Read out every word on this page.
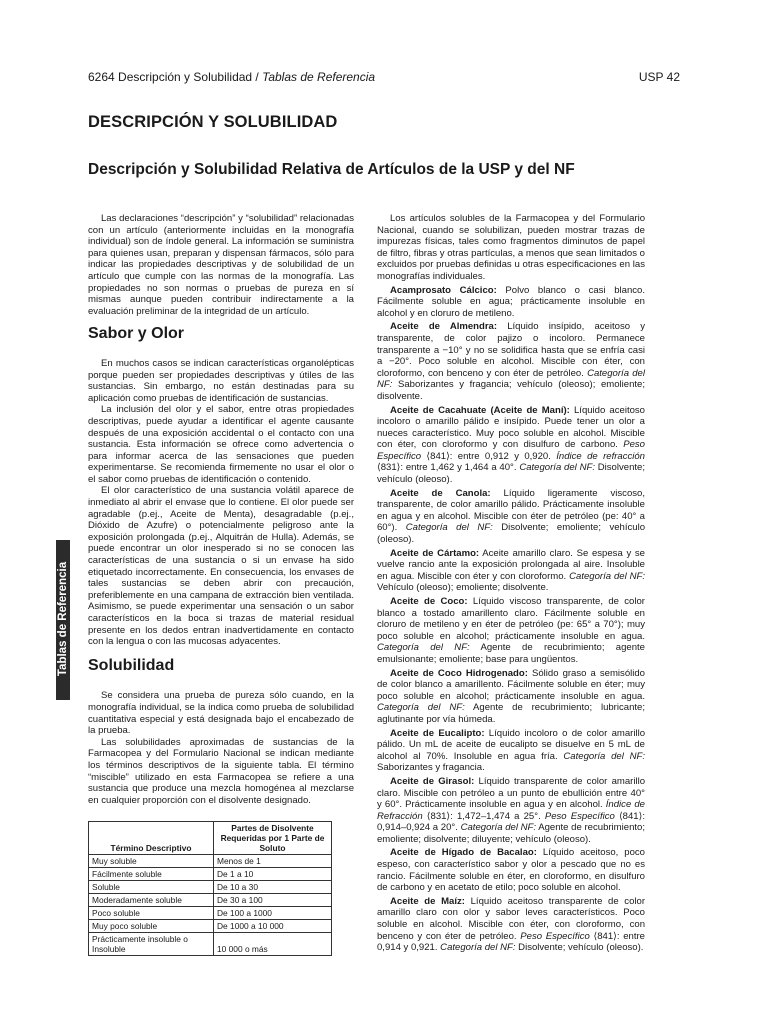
6264 Descripción y Solubilidad / Tablas de Referencia	USP 42
DESCRIPCIÓN Y SOLUBILIDAD
Descripción y Solubilidad Relativa de Artículos de la USP y del NF
Tablas de Referencia

Las declaraciones “descripción” y “solubilidad” relacionadas con un artículo (anteriormente incluidas en la monografía individual) son de índole general. La información se suministra para quienes usan, preparan y dispensan fármacos, sólo para indicar las propiedades descriptivas y de solubilidad de un artículo que cumple con las normas de la monografía. Las propiedades no son normas o pruebas de pureza en sí mismas aunque pueden contribuir indirectamente a la evaluación preliminar de la integridad de un artículo.

Sabor y Olor

En muchos casos se indican características organolépticas porque pueden ser propiedades descriptivas y útiles de las sustancias. Sin embargo, no están destinadas para su aplicación como pruebas de identificación de sustancias.

La inclusión del olor y el sabor, entre otras propiedades descriptivas, puede ayudar a identificar el agente causante después de una exposición accidental o el contacto con una sustancia. Esta información se ofrece como advertencia o para informar acerca de las sensaciones que pueden experimentarse. Se recomienda firmemente no usar el olor o el sabor como pruebas de identificación o contenido.

El olor característico de una sustancia volátil aparece de inmediato al abrir el envase que lo contiene. El olor puede ser agradable (p.ej., Aceite de Menta), desagradable (p.ej., Dióxido de Azufre) o potencialmente peligroso ante la exposición prolongada (p.ej., Alquitrán de Hulla). Además, se puede encontrar un olor inesperado si no se conocen las características de una sustancia o si un envase ha sido etiquetado incorrectamente. En consecuencia, los envases de tales sustancias se deben abrir con precaución, preferiblemente en una campana de extracción bien ventilada. Asimismo, se puede experimentar una sensación o un sabor característicos en la boca si trazas de material residual presente en los dedos entran inadvertidamente en contacto con la lengua o con las mucosas adyacentes.

Solubilidad

Se considera una prueba de pureza sólo cuando, en la monografía individual, se la indica como prueba de solubilidad cuantitativa especial y está designada bajo el encabezado de la prueba.

Las solubilidades aproximadas de sustancias de la Farmacopea y del Formulario Nacional se indican mediante los términos descriptivos de la siguiente tabla. El término “miscible” utilizado en esta Farmacopea se refiere a una sustancia que produce una mezcla homogénea al mezclarse en cualquier proporción con el disolvente designado.

Término Descriptivo	Partes de Disolvente Requeridas por 1 Parte de Soluto
Muy soluble	Menos de 1
Fácilmente soluble	De 1 a 10
Soluble	De 10 a 30
Moderadamente soluble	De 30 a 100
Poco soluble	De 100 a 1000
Muy poco soluble	De 1000 a 10 000
Prácticamente insoluble o Insoluble	10 000 o más

Los artículos solubles de la Farmacopea y del Formulario Nacional, cuando se solubilizan, pueden mostrar trazas de impurezas físicas, tales como fragmentos diminutos de papel de filtro, fibras y otras partículas, a menos que sean limitados o excluidos por pruebas definidas u otras especificaciones en las monografías individuales.

Acamprosato Cálcico: Polvo blanco o casi blanco. Fácilmente soluble en agua; prácticamente insoluble en alcohol y en cloruro de metileno.

Aceite de Almendra: Líquido insípido, aceitoso y transparente, de color pajizo o incoloro. Permanece transparente a −10° y no se solidifica hasta que se enfría casi a −20°. Poco soluble en alcohol. Miscible con éter, con cloroformo, con benceno y con éter de petróleo. Categoría del NF: Saborizantes y fragancia; vehículo (oleoso); emoliente; disolvente.

Aceite de Cacahuate (Aceite de Maní): Líquido aceitoso incoloro o amarillo pálido e insípido. Puede tener un olor a nueces característico. Muy poco soluble en alcohol. Miscible con éter, con cloroformo y con disulfuro de carbono. Peso Específico ⟨841⟩: entre 0,912 y 0,920. Índice de refracción ⟨831⟩: entre 1,462 y 1,464 a 40°. Categoría del NF: Disolvente; vehículo (oleoso).

Aceite de Canola: Líquido ligeramente viscoso, transparente, de color amarillo pálido. Prácticamente insoluble en agua y en alcohol. Miscible con éter de petróleo (pe: 40° a 60°). Categoría del NF: Disolvente; emoliente; vehículo (oleoso).

Aceite de Cártamo: Aceite amarillo claro. Se espesa y se vuelve rancio ante la exposición prolongada al aire. Insoluble en agua. Miscible con éter y con cloroformo. Categoría del NF: Vehículo (oleoso); emoliente; disolvente.

Aceite de Coco: Líquido viscoso transparente, de color blanco a tostado amarillento claro. Fácilmente soluble en cloruro de metileno y en éter de petróleo (pe: 65° a 70°); muy poco soluble en alcohol; prácticamente insoluble en agua. Categoría del NF: Agente de recubrimiento; agente emulsionante; emoliente; base para ungüentos.

Aceite de Coco Hidrogenado: Sólido graso a semisólido de color blanco a amarillento. Fácilmente soluble en éter; muy poco soluble en alcohol; prácticamente insoluble en agua. Categoría del NF: Agente de recubrimiento; lubricante; aglutinante por vía húmeda.

Aceite de Eucalipto: Líquido incoloro o de color amarillo pálido. Un mL de aceite de eucalipto se disuelve en 5 mL de alcohol al 70%. Insoluble en agua fría. Categoría del NF: Saborizantes y fragancia.

Aceite de Girasol: Líquido transparente de color amarillo claro. Miscible con petróleo a un punto de ebullición entre 40° y 60°. Prácticamente insoluble en agua y en alcohol. Índice de Refracción ⟨831⟩: 1,472–1,474 a 25°. Peso Específico ⟨841⟩: 0,914–0,924 a 20°. Categoría del NF: Agente de recubrimiento; emoliente; disolvente; diluyente; vehículo (oleoso).

Aceite de Hígado de Bacalao: Líquido aceitoso, poco espeso, con característico sabor y olor a pescado que no es rancio. Fácilmente soluble en éter, en cloroformo, en disulfuro de carbono y en acetato de etilo; poco soluble en alcohol.

Aceite de Maíz: Líquido aceitoso transparente de color amarillo claro con olor y sabor leves característicos. Poco soluble en alcohol. Miscible con éter, con cloroformo, con benceno y con éter de petróleo. Peso Específico ⟨841⟩: entre 0,914 y 0,921. Categoría del NF: Disolvente; vehículo (oleoso).
